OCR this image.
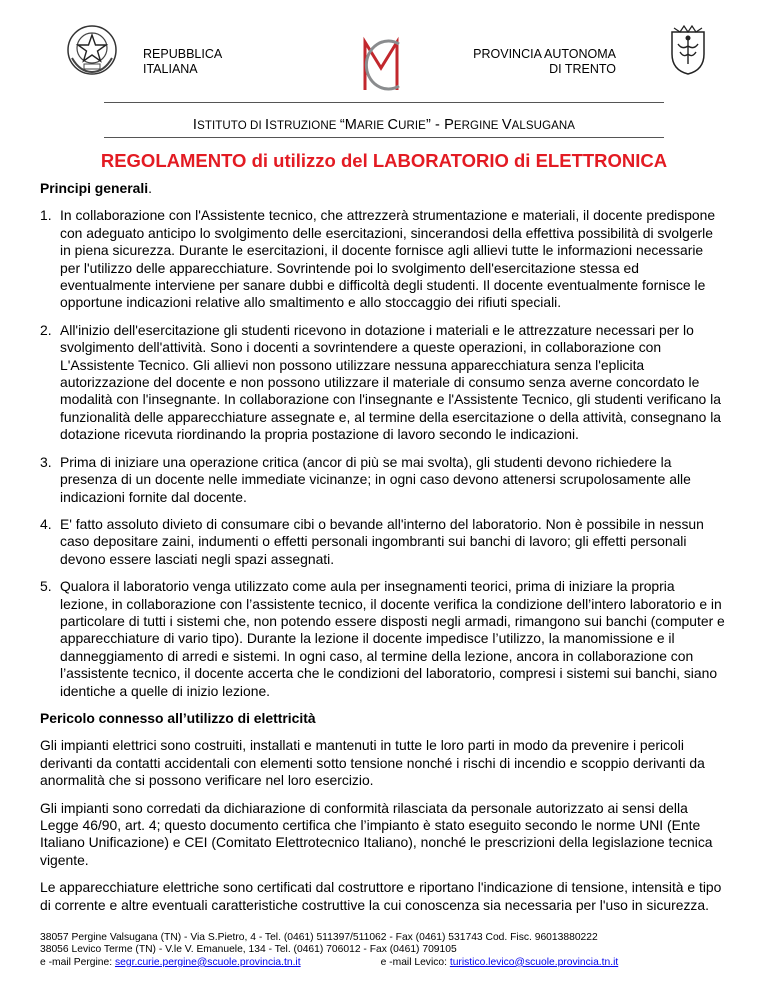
REPUBBLICA
ITALIANA
PROVINCIA AUTONOMA
DI TRENTO
ISTITUTO DI ISTRUZIONE “MARIE CURIE” - PERGINE VALSUGANA
REGOLAMENTO di utilizzo del LABORATORIO di ELETTRONICA
Principi generali.
1. In collaborazione con l'Assistente tecnico, che attrezzerà strumentazione e materiali, il docente predispone con adeguato anticipo lo svolgimento delle esercitazioni, sincerandosi della effettiva possibilità di svolgerle in piena sicurezza. Durante le esercitazioni, il docente fornisce agli allievi tutte le informazioni necessarie per l'utilizzo delle apparecchiature. Sovrintende poi lo svolgimento dell'esercitazione stessa ed eventualmente interviene per sanare dubbi e difficoltà degli studenti. Il docente eventualmente fornisce le opportune indicazioni relative allo smaltimento e allo stoccaggio dei rifiuti speciali.
2. All'inizio dell'esercitazione gli studenti ricevono in dotazione i materiali e le attrezzature necessari per lo svolgimento dell'attività. Sono i docenti a sovrintendere a queste operazioni, in collaborazione con L'Assistente Tecnico. Gli allievi non possono utilizzare nessuna apparecchiatura senza l'eplicita autorizzazione del docente e non possono utilizzare il materiale di consumo senza averne concordato le modalità con l'insegnante. In collaborazione con l'insegnante e l'Assistente Tecnico, gli studenti verificano la funzionalità delle apparecchiature assegnate e, al termine della esercitazione o della attività, consegnano la dotazione ricevuta riordinando la propria postazione di lavoro secondo le indicazioni.
3. Prima di iniziare una operazione critica (ancor di più se mai svolta), gli studenti devono richiedere la presenza di un docente nelle immediate vicinanze; in ogni caso devono attenersi scrupolosamente alle indicazioni fornite dal docente.
4. E' fatto assoluto divieto di consumare cibi o bevande all'interno del laboratorio. Non è possibile in nessun caso depositare zaini, indumenti o effetti personali ingombranti sui banchi di lavoro; gli effetti personali devono essere lasciati negli spazi assegnati.
5. Qualora il laboratorio venga utilizzato come aula per insegnamenti teorici, prima di iniziare la propria lezione, in collaborazione con l’assistente tecnico, il docente verifica la condizione dell’intero laboratorio e in particolare di tutti i sistemi che, non potendo essere disposti negli armadi, rimangono sui banchi (computer e apparecchiature di vario tipo). Durante la lezione il docente impedisce l’utilizzo, la manomissione e il danneggiamento di arredi e sistemi. In ogni caso, al termine della lezione, ancora in collaborazione con l’assistente tecnico, il docente accerta che le condizioni del laboratorio, compresi i sistemi sui banchi, siano identiche a quelle di inizio lezione.
Pericolo connesso all’utilizzo di elettricità

Gli impianti elettrici sono costruiti, installati e mantenuti in tutte le loro parti in modo da prevenire i pericoli derivanti da contatti accidentali con elementi sotto tensione nonché i rischi di incendio e scoppio derivanti da anormalità che si possono verificare nel loro esercizio.

Gli impianti sono corredati da dichiarazione di conformità rilasciata da personale autorizzato ai sensi della Legge 46/90, art. 4; questo documento certifica che l’impianto è stato eseguito secondo le norme UNI (Ente Italiano Unificazione) e CEI (Comitato Elettrotecnico Italiano), nonché le prescrizioni della legislazione tecnica vigente.

Le apparecchiature elettriche sono certificati dal costruttore e riportano l'indicazione di tensione, intensità e tipo di corrente e altre eventuali caratteristiche costruttive la cui conoscenza sia necessaria per l'uso in sicurezza.

38057 Pergine Valsugana (TN) - Via S.Pietro, 4 - Tel. (0461) 511397/511062 - Fax (0461) 531743 Cod. Fisc. 96013880222
38056 Levico Terme (TN) - V.le V. Emanuele, 134 - Tel. (0461) 706012 - Fax (0461) 709105
e -mail Pergine: segr.curie.pergine@scuole.provincia.tn.it	e -mail Levico: turistico.levico@scuole.provincia.tn.it
